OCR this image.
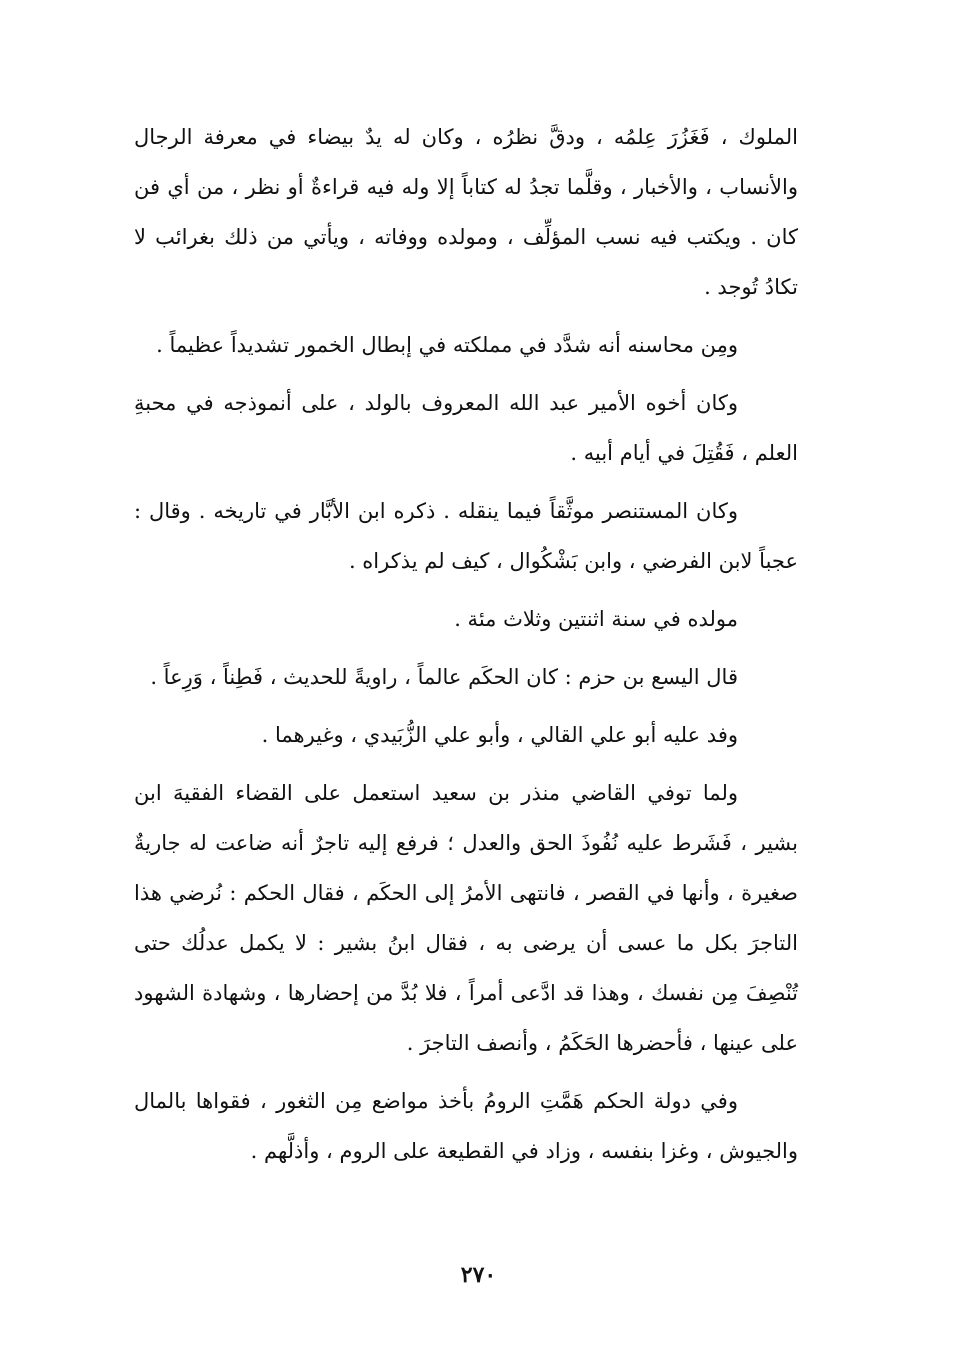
الملوك ، فَغَزُرَ عِلمُه ، ودقَّ نظرُه ، وكان له يدٌ بيضاء في معرفة الرجال والأنساب ، والأخبار ، وقلَّما تجدُ له كتاباً إلا وله فيه قراءةٌ أو نظر ، من أي فن كان . ويكتب فيه نسب المؤلِّف ، ومولده ووفاته ، ويأتي من ذلك بغرائب لا تكادُ تُوجد .

ومِن محاسنه أنه شدَّد في مملكته في إبطال الخمور تشديداً عظيماً .

وكان أخوه الأمير عبد الله المعروف بالولد ، على أنموذجه في محبةِ العلم ، فَقُتِلَ في أيام أبيه .

وكان المستنصر موثَّقاً فيما ينقله . ذكره ابن الأبَّار في تاريخه . وقال : عجباً لابن الفرضي ، وابن بَشْكُوال ، كيف لم يذكراه .

مولده في سنة اثنتين وثلاث مئة .

قال اليسع بن حزم : كان الحكَم عالماً ، راويةً للحديث ، فَطِناً ، وَرِعاً .

وفد عليه أبو علي القالي ، وأبو علي الزُّبَيدي ، وغيرهما .

ولما توفي القاضي منذر بن سعيد استعمل على القضاء الفقيهَ ابن بشير ، فَشَرط عليه نُفُوذَ الحق والعدل ؛ فرفع إليه تاجرٌ أنه ضاعت له جاريةٌ صغيرة ، وأنها في القصر ، فانتهى الأمرُ إلى الحكَم ، فقال الحكم : نُرضي هذا التاجرَ بكل ما عسى أن يرضى به ، فقال ابنُ بشير : لا يكمل عدلُك حتى تُنْصِفَ مِن نفسك ، وهذا قد ادَّعى أمراً ، فلا بُدَّ من إحضارها ، وشهادة الشهود على عينها ، فأحضرها الحَكَمُ ، وأنصف التاجرَ .

وفي دولة الحكم هَمَّتِ الرومُ بأخذ مواضع مِن الثغور ، فقواها بالمال والجيوش ، وغزا بنفسه ، وزاد في القطيعة على الروم ، وأذلَّهم .

٢٧٠
